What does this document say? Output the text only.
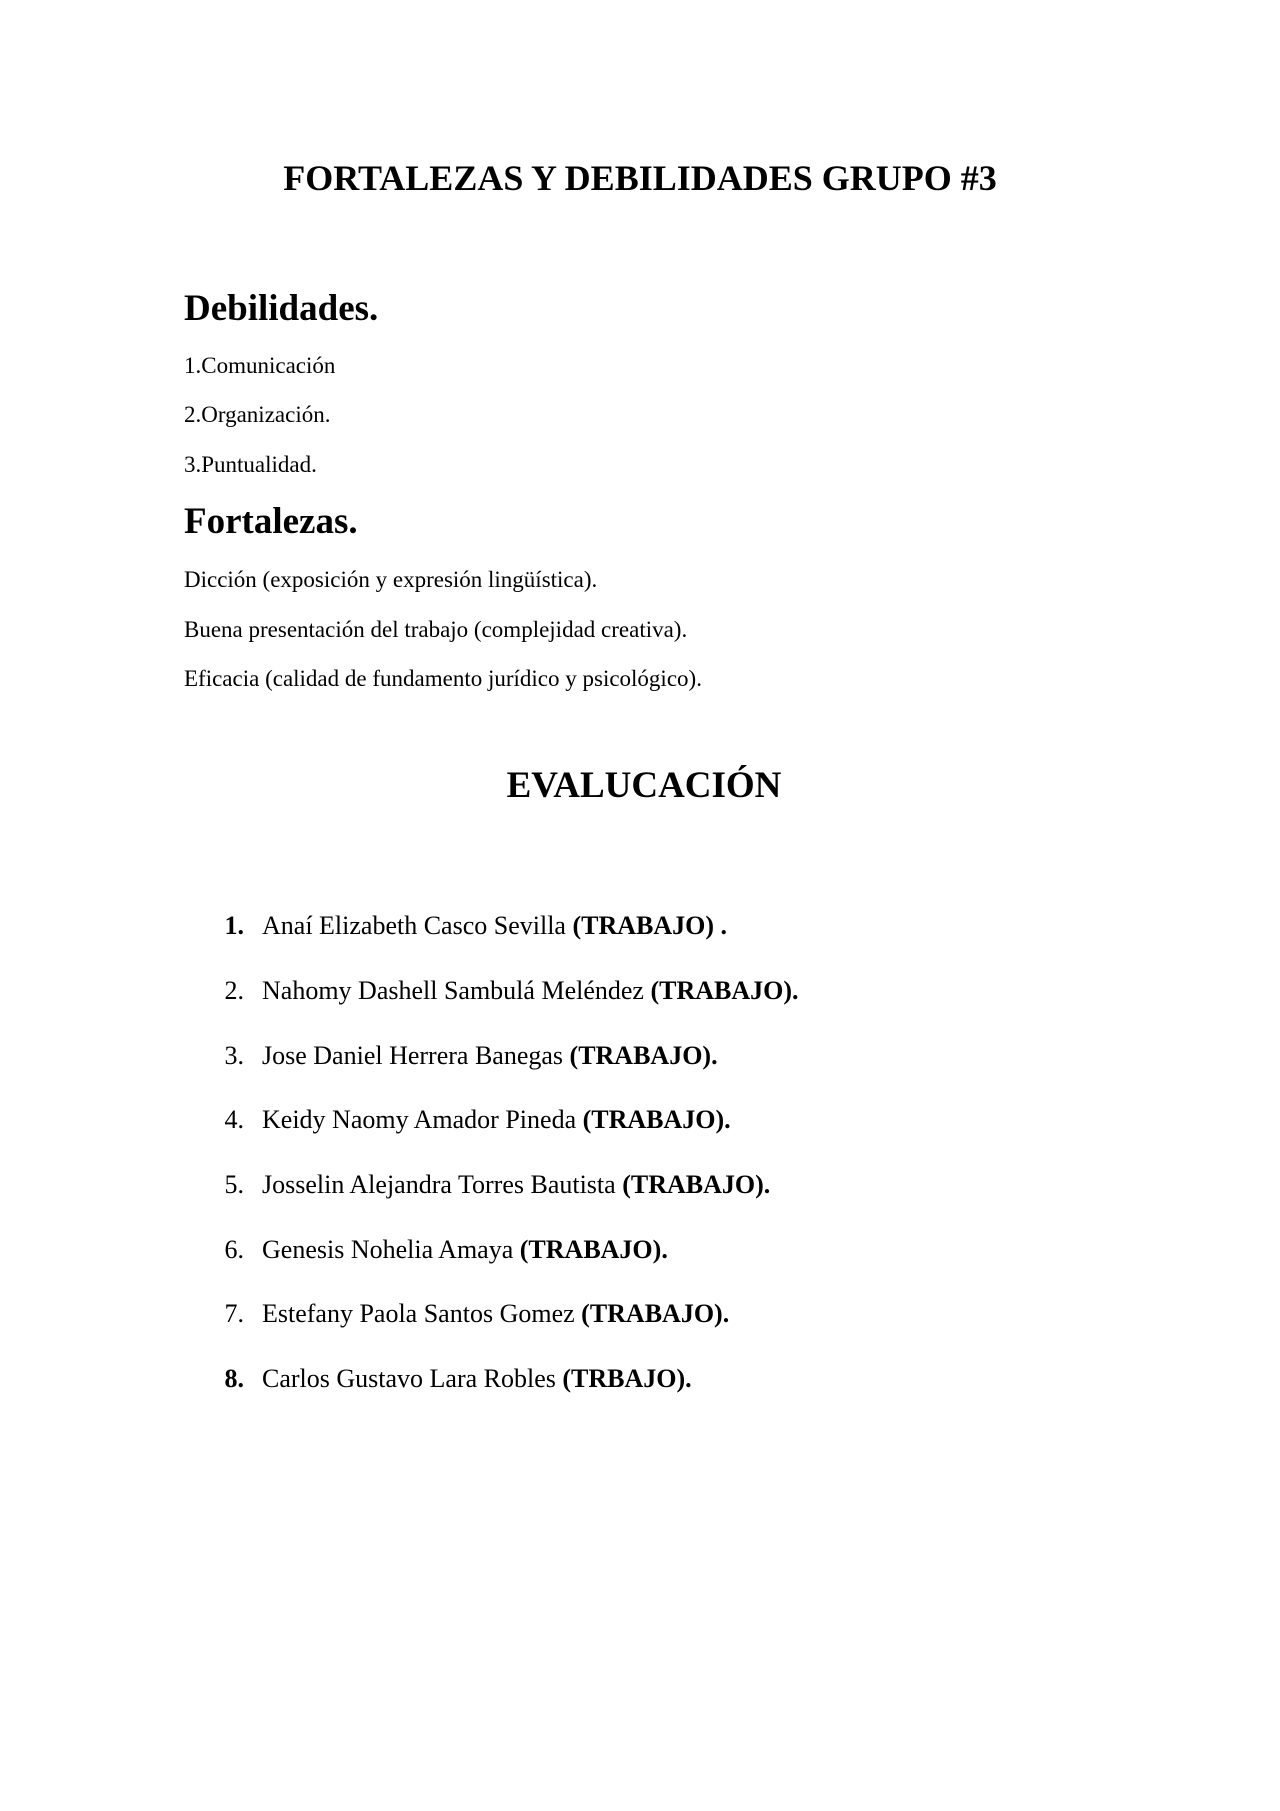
FORTALEZAS Y DEBILIDADES GRUPO #3
Debilidades.

1.Comunicación

2.Organización.

3.Puntualidad.

Fortalezas.

Dicción (exposición y expresión lingüística).

Buena presentación del trabajo (complejidad creativa).

Eficacia (calidad de fundamento jurídico y psicológico).

EVALUCACIÓN
1. Anaí Elizabeth Casco Sevilla (TRABAJO) .
2. Nahomy Dashell Sambulá Meléndez (TRABAJO).
3. Jose Daniel Herrera Banegas (TRABAJO).
4. Keidy Naomy Amador Pineda (TRABAJO).
5. Josselin Alejandra Torres Bautista (TRABAJO).
6. Genesis Nohelia Amaya (TRABAJO).
7. Estefany Paola Santos Gomez (TRABAJO).
8. Carlos Gustavo Lara Robles (TRBAJO).
